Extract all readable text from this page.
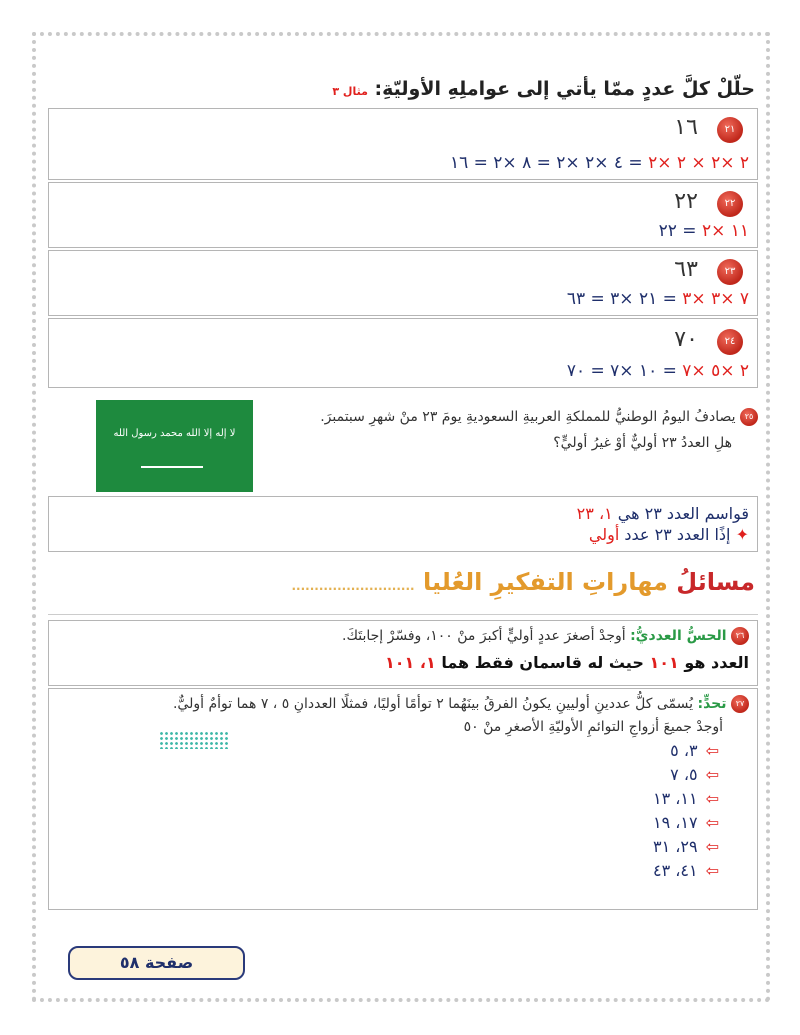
حلّلْ كلَّ عددٍ ممّا يأتي إلى عواملِهِ الأوليّةِ: مثال ٣
٢١ ١٦
٢ ×٢ × ٢ ×٢ = ٤ ×٢ ×٢ = ٨ ×٢ = ١٦
٢٢ ٢٢
١١ ×٢ = ٢٢
٢٣ ٦٣
٧ ×٣ ×٣ = ٢١ ×٣ = ٦٣
٢٤ ٧٠
٢ ×٥ ×٧ = ١٠ ×٧ = ٧٠
لا إله إلا الله محمد رسول الله
٢٥ يصادفُ اليومُ الوطنيُّ للمملكةِ العربيةِ السعوديةِ يومَ ٢٣ منْ شهرِ سبتمبرَ.
هلِ العددُ ٢٣ أوليٌّ أوْ غيرُ أوليٍّ؟
قواسم العدد ٢٣ هي ١، ٢٣
✦ إذًا العدد ٢٣ عدد أولي
مسائلُ مهاراتِ التفكيرِ العُليا ...........................
٢٦ الحسُّ العدديُّ: أوجدْ أصغرَ عددٍ أوليٍّ أكبرَ منْ ١٠٠، وفسّرْ إجابتَكَ.
العدد هو ١٠١ حيث له قاسمان فقط هما ١، ١٠١
٢٧ تحدٍّ: يُسمّى كلُّ عددينِ أوليينِ يكونُ الفرقُ بينَهُما ٢ توأمًا أوليًا، فمثلًا العددانِ ٥ ، ٧ هما توأمٌ أوليٌّ.
أوجدْ جميعَ أزواجِ التوائمِ الأوليّةِ الأصغرِ منْ ٥٠
⇦٣، ٥
⇦٥، ٧
⇦١١، ١٣
⇦١٧، ١٩
⇦٢٩، ٣١
⇦٤١، ٤٣
صفحة ٥٨
